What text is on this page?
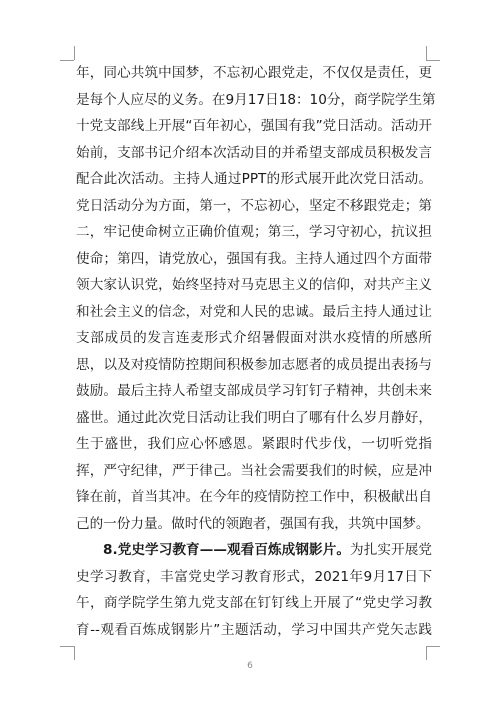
年，同心共筑中国梦，不忘初心跟党走，不仅仅是责任，更
是每个人应尽的义务。在9月17日18：10分，商学院学生第
十党支部线上开展“百年初心，强国有我”党日活动。活动开
始前，支部书记介绍本次活动目的并希望支部成员积极发言
配合此次活动。主持人通过PPT的形式展开此次党日活动。
党日活动分为方面，第一，不忘初心，坚定不移跟党走；第
二，牢记使命树立正确价值观；第三，学习守初心，抗议担
使命；第四，请党放心，强国有我。主持人通过四个方面带
领大家认识党，始终坚持对马克思主义的信仰，对共产主义
和社会主义的信念，对党和人民的忠诚。最后主持人通过让
支部成员的发言连麦形式介绍暑假面对洪水疫情的所感所
思，以及对疫情防控期间积极参加志愿者的成员提出表扬与
鼓励。最后主持人希望支部成员学习钉钉子精神，共创未来
盛世。通过此次党日活动让我们明白了哪有什么岁月静好，
生于盛世，我们应心怀感恩。紧跟时代步伐，一切听党指
挥，严守纪律，严于律己。当社会需要我们的时候，应是冲
锋在前，首当其冲。在今年的疫情防控工作中，积极献出自
己的一份力量。做时代的领跑者，强国有我，共筑中国梦。

8.党史学习教育——观看百炼成钢影片。为扎实开展党
史学习教育，丰富党史学习教育形式，2021年9月17日下
午，商学院学生第九党支部在钉钉线上开展了“党史学习教
育--观看百炼成钢影片”主题活动，学习中国共产党矢志践

6
